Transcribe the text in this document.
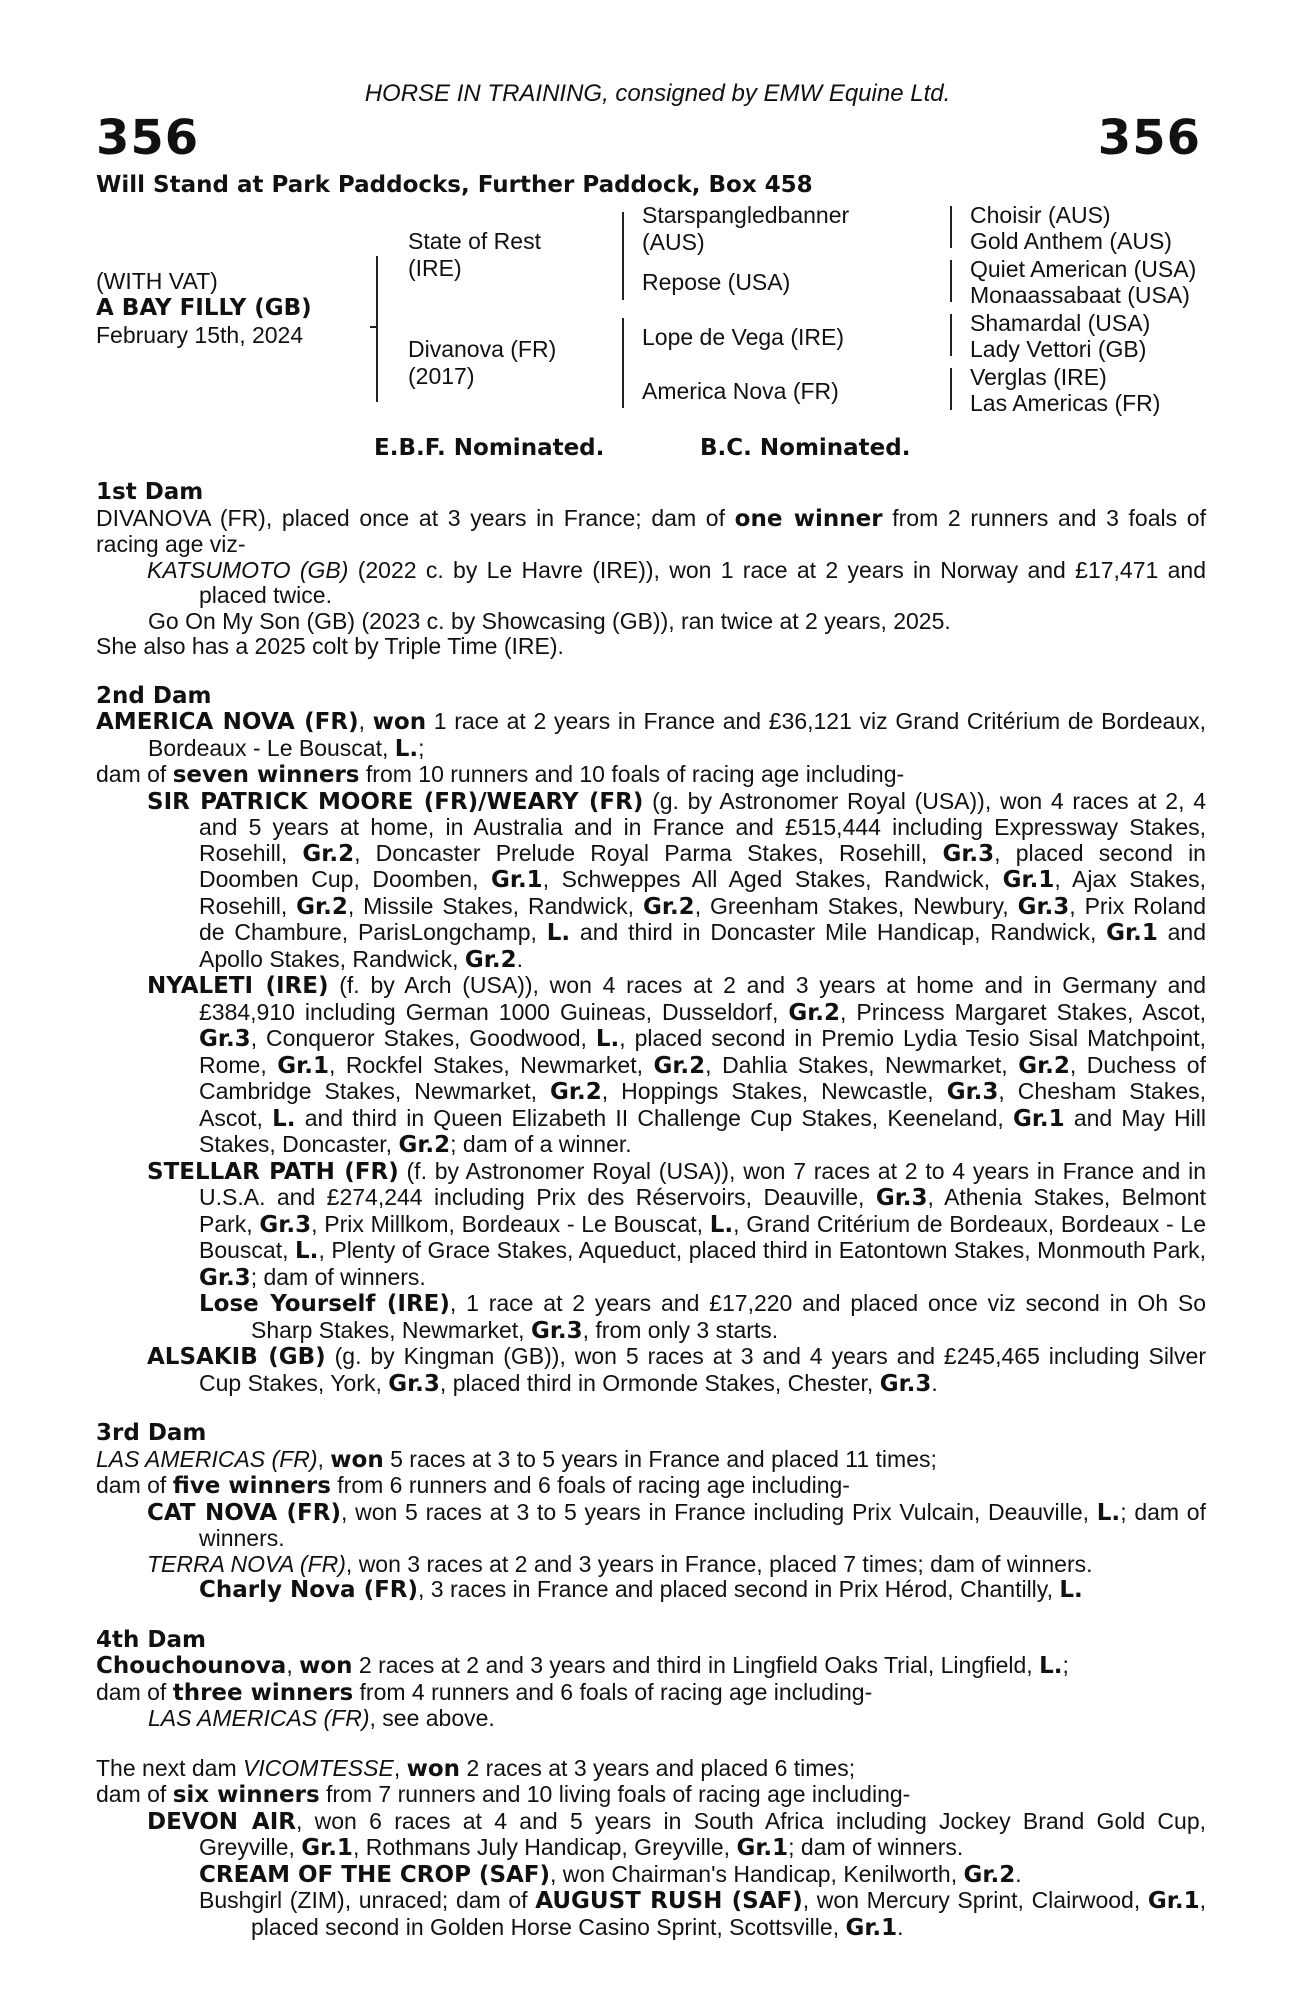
HORSE IN TRAINING, consigned by EMW Equine Ltd.
356	356
Will Stand at Park Paddocks, Further Paddock, Box 458
(WITH VAT)
A BAY FILLY (GB)
February 15th, 2024
State of Rest (IRE)
Divanova (FR) (2017)
Starspangledbanner (AUS)
Repose (USA)
Lope de Vega (IRE)
America Nova (FR)
Choisir (AUS)
Gold Anthem (AUS)
Quiet American (USA)
Monaassabaat (USA)
Shamardal (USA)
Lady Vettori (GB)
Verglas (IRE)
Las Americas (FR)
E.B.F. Nominated.	B.C. Nominated.
1st Dam
DIVANOVA (FR), placed once at 3 years in France; dam of one winner from 2 runners and 3 foals of racing age viz-
KATSUMOTO (GB) (2022 c. by Le Havre (IRE)), won 1 race at 2 years in Norway and £17,471 and placed twice.
Go On My Son (GB) (2023 c. by Showcasing (GB)), ran twice at 2 years, 2025.
She also has a 2025 colt by Triple Time (IRE).
2nd Dam
AMERICA NOVA (FR), won 1 race at 2 years in France and £36,121 viz Grand Critérium de Bordeaux, Bordeaux - Le Bouscat, L.;
dam of seven winners from 10 runners and 10 foals of racing age including-
SIR PATRICK MOORE (FR)/WEARY (FR) (g. by Astronomer Royal (USA)), won 4 races at 2, 4 and 5 years at home, in Australia and in France and £515,444 including Expressway Stakes, Rosehill, Gr.2, Doncaster Prelude Royal Parma Stakes, Rosehill, Gr.3, placed second in Doomben Cup, Doomben, Gr.1, Schweppes All Aged Stakes, Randwick, Gr.1, Ajax Stakes, Rosehill, Gr.2, Missile Stakes, Randwick, Gr.2, Greenham Stakes, Newbury, Gr.3, Prix Roland de Chambure, ParisLongchamp, L. and third in Doncaster Mile Handicap, Randwick, Gr.1 and Apollo Stakes, Randwick, Gr.2.
NYALETI (IRE) (f. by Arch (USA)), won 4 races at 2 and 3 years at home and in Germany and £384,910 including German 1000 Guineas, Dusseldorf, Gr.2, Princess Margaret Stakes, Ascot, Gr.3, Conqueror Stakes, Goodwood, L., placed second in Premio Lydia Tesio Sisal Matchpoint, Rome, Gr.1, Rockfel Stakes, Newmarket, Gr.2, Dahlia Stakes, Newmarket, Gr.2, Duchess of Cambridge Stakes, Newmarket, Gr.2, Hoppings Stakes, Newcastle, Gr.3, Chesham Stakes, Ascot, L. and third in Queen Elizabeth II Challenge Cup Stakes, Keeneland, Gr.1 and May Hill Stakes, Doncaster, Gr.2; dam of a winner.
STELLAR PATH (FR) (f. by Astronomer Royal (USA)), won 7 races at 2 to 4 years in France and in U.S.A. and £274,244 including Prix des Réservoirs, Deauville, Gr.3, Athenia Stakes, Belmont Park, Gr.3, Prix Millkom, Bordeaux - Le Bouscat, L., Grand Critérium de Bordeaux, Bordeaux - Le Bouscat, L., Plenty of Grace Stakes, Aqueduct, placed third in Eatontown Stakes, Monmouth Park, Gr.3; dam of winners.
Lose Yourself (IRE), 1 race at 2 years and £17,220 and placed once viz second in Oh So Sharp Stakes, Newmarket, Gr.3, from only 3 starts.
ALSAKIB (GB) (g. by Kingman (GB)), won 5 races at 3 and 4 years and £245,465 including Silver Cup Stakes, York, Gr.3, placed third in Ormonde Stakes, Chester, Gr.3.
3rd Dam
LAS AMERICAS (FR), won 5 races at 3 to 5 years in France and placed 11 times;
dam of five winners from 6 runners and 6 foals of racing age including-
CAT NOVA (FR), won 5 races at 3 to 5 years in France including Prix Vulcain, Deauville, L.; dam of winners.
TERRA NOVA (FR), won 3 races at 2 and 3 years in France, placed 7 times; dam of winners.
Charly Nova (FR), 3 races in France and placed second in Prix Hérod, Chantilly, L.
4th Dam
Chouchounova, won 2 races at 2 and 3 years and third in Lingfield Oaks Trial, Lingfield, L.;
dam of three winners from 4 runners and 6 foals of racing age including-
LAS AMERICAS (FR), see above.
The next dam VICOMTESSE, won 2 races at 3 years and placed 6 times;
dam of six winners from 7 runners and 10 living foals of racing age including-
DEVON AIR, won 6 races at 4 and 5 years in South Africa including Jockey Brand Gold Cup, Greyville, Gr.1, Rothmans July Handicap, Greyville, Gr.1; dam of winners.
CREAM OF THE CROP (SAF), won Chairman's Handicap, Kenilworth, Gr.2.
Bushgirl (ZIM), unraced; dam of AUGUST RUSH (SAF), won Mercury Sprint, Clairwood, Gr.1, placed second in Golden Horse Casino Sprint, Scottsville, Gr.1.
